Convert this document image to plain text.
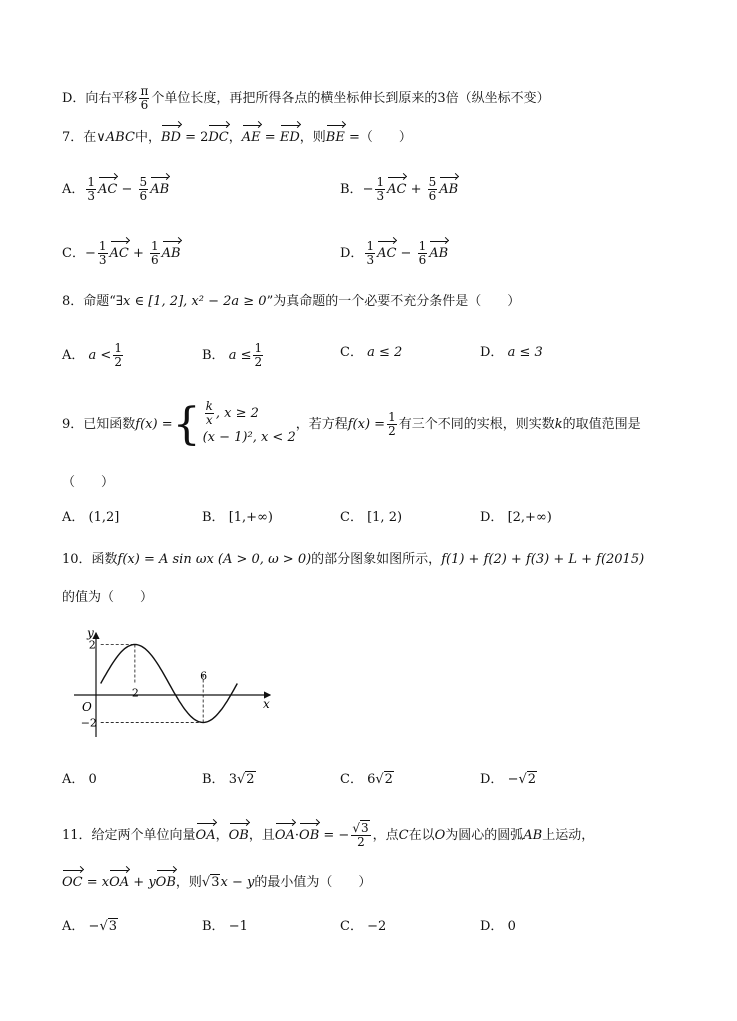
D．向右平移 $\frac{\pi}{6}$ 个单位长度，再把所得各点的横坐标伸长到原来的3倍（纵坐标不变）
7．在∨ABC中，BD = 2DC，AE = ED，则BE =（　　）
A． $\frac{1}{3}$ AC − $\frac{5}{6}$ AB	B．− $\frac{1}{3}$ AC + $\frac{5}{6}$ AB
C．− $\frac{1}{3}$ AC + $\frac{1}{6}$ AB	D． $\frac{1}{3}$ AC − $\frac{1}{6}$ AB
8．命题“∃x ∈ [1, 2], x² − 2a ≥ 0”为真命题的一个必要不充分条件是（　　）
A． $a < \frac{1}{2}$	B． $a \le \frac{1}{2}$	C． a ≤ 2	D． a ≤ 3
9．已知函数f(x) ={ $\frac{k}{x}$ , x ≥ 2
(x − 1)², x < 2
，若方程$f(x) = \frac{1}{2}$ 有三个不同的实根，则实数k的取值范围是
（　　）
A． (1,2]	B． [1,+∞)	C． [1, 2)	D． [2,+∞)
10．函数f(x) = A sin ωx (A > 0, ω > 0)的部分图象如图所示，f(1) + f(2) + f(3) + L + f(2015)
的值为（　　）
y
x
O
2
−2
2
6
A． 0	B． 3√2	C． 6√2	D． −√2
11．给定两个单位向量OA，OB，且OA·OB = − $\frac{√3}{2}$ ，点C在以O为圆心的圆弧AB上运动，
OC = xOA + yOB，则√3x − y的最小值为（　　）
A． −√3	B． −1	C． −2	D． 0
